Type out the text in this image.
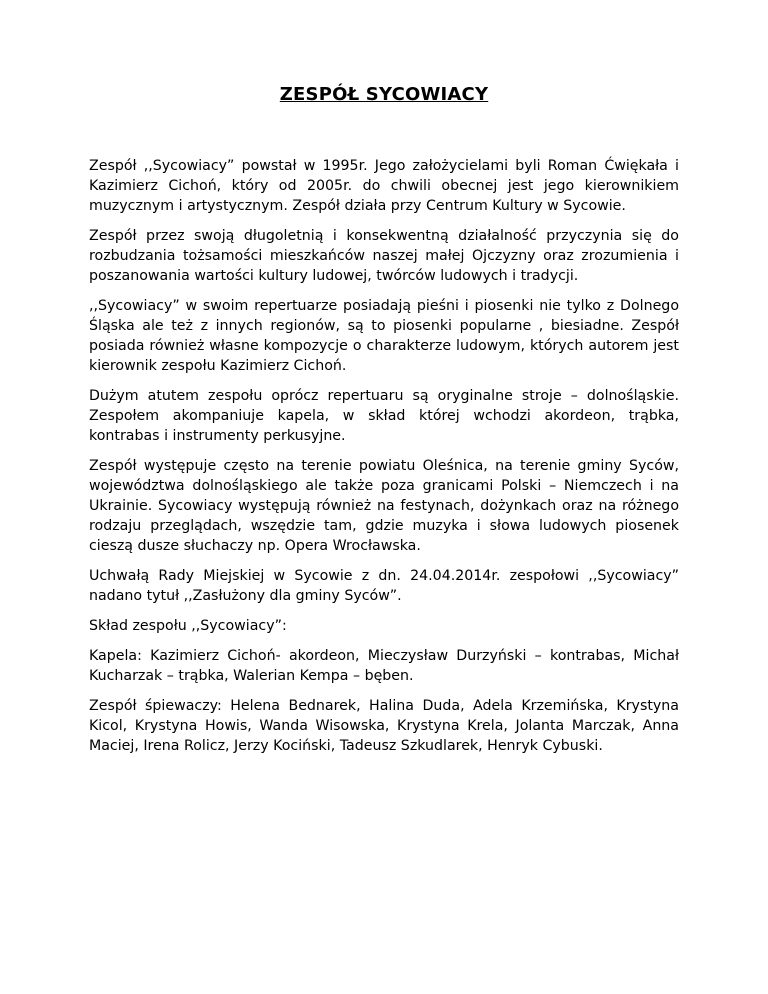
ZESPÓŁ SYCOWIACY

Zespół ,,Sycowiacy” powstał w 1995r. Jego założycielami byli Roman Ćwiękała i Kazimierz Cichoń, który od 2005r. do chwili obecnej jest jego kierownikiem muzycznym i artystycznym. Zespół działa przy Centrum Kultury w Sycowie.

Zespół przez swoją długoletnią i konsekwentną działalność przyczynia się do rozbudzania tożsamości mieszkańców naszej małej Ojczyzny oraz zrozumienia i poszanowania wartości kultury ludowej, twórców ludowych i tradycji.

,,Sycowiacy” w swoim repertuarze posiadają pieśni i piosenki nie tylko z Dolnego Śląska ale też z innych regionów, są to piosenki popularne , biesiadne. Zespół posiada również własne kompozycje o charakterze ludowym, których autorem jest kierownik zespołu Kazimierz Cichoń.

Dużym atutem zespołu oprócz repertuaru są oryginalne stroje – dolnośląskie. Zespołem akompaniuje kapela, w skład której wchodzi akordeon, trąbka, kontrabas i instrumenty perkusyjne.

Zespół występuje często na terenie powiatu Oleśnica, na terenie gminy Syców, województwa dolnośląskiego ale także poza granicami Polski – Niemczech i na Ukrainie. Sycowiacy występują również na festynach, dożynkach oraz na różnego rodzaju przeglądach, wszędzie tam, gdzie muzyka i słowa ludowych piosenek cieszą dusze słuchaczy np. Opera Wrocławska.

Uchwałą Rady Miejskiej w Sycowie z dn. 24.04.2014r. zespołowi ,,Sycowiacy” nadano tytuł ,,Zasłużony dla gminy Syców”.

Skład zespołu ,,Sycowiacy”:

Kapela: Kazimierz Cichoń- akordeon, Mieczysław Durzyński – kontrabas, Michał Kucharzak – trąbka, Walerian Kempa – bęben.

Zespół śpiewaczy: Helena Bednarek, Halina Duda, Adela Krzemińska, Krystyna Kicol, Krystyna Howis, Wanda Wisowska, Krystyna Krela, Jolanta Marczak, Anna Maciej, Irena Rolicz, Jerzy Kociński, Tadeusz Szkudlarek, Henryk Cybuski.
